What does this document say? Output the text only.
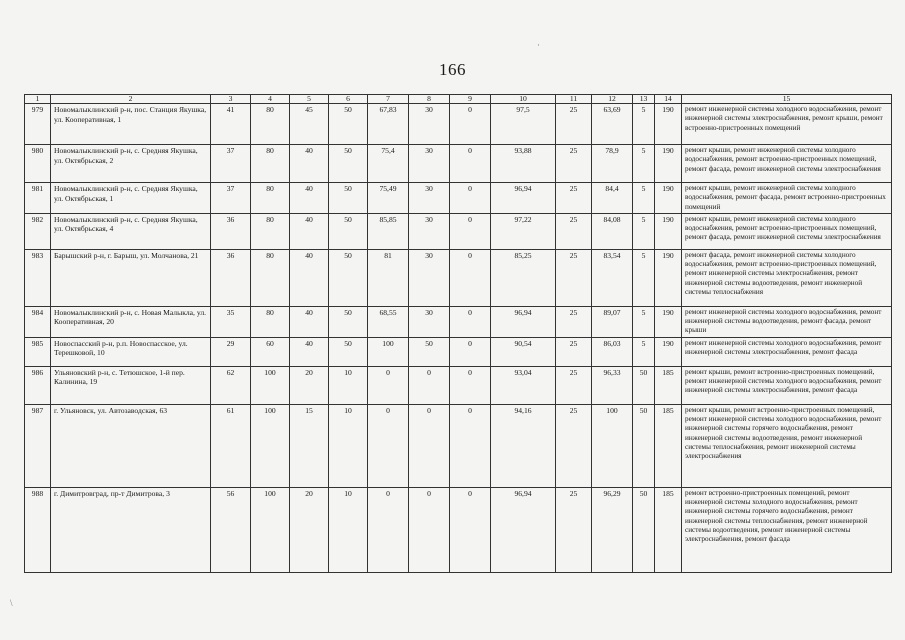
166
1	2	3	4	5	6	7	8	9	10	11	12	13	14	15
979	Новомалыклинский р-н, пос. Станция Якушка, ул. Кооперативная, 1	41	80	45	50	67,83	30	0	97,5	25	63,69	5	190	ремонт инженерной системы холодного водоснабжения, ремонт инженерной системы электроснабжения, ремонт крыши, ремонт встроенно-пристроенных помещений
980	Новомалыклинский р-н, с. Средняя Якушка, ул. Октябрьская, 2	37	80	40	50	75,4	30	0	93,88	25	78,9	5	190	ремонт крыши, ремонт инженерной системы холодного водоснабжения, ремонт встроенно-пристроенных помещений, ремонт фасада, ремонт инженерной системы электроснабжения
981	Новомалыклинский р-н, с. Средняя Якушка, ул. Октябрьская, 1	37	80	40	50	75,49	30	0	96,94	25	84,4	5	190	ремонт крыши, ремонт инженерной системы холодного водоснабжения, ремонт фасада, ремонт встроенно-пристроенных помещений
982	Новомалыклинский р-н, с. Средняя Якушка, ул. Октябрьская, 4	36	80	40	50	85,85	30	0	97,22	25	84,08	5	190	ремонт крыши, ремонт инженерной системы холодного водоснабжения, ремонт встроенно-пристроенных помещений, ремонт фасада, ремонт инженерной системы электроснабжения
983	Барышский р-н, г. Барыш, ул. Молчанова, 21	36	80	40	50	81	30	0	85,25	25	83,54	5	190	ремонт фасада, ремонт инженерной системы холодного водоснабжения, ремонт встроенно-пристроенных помещений, ремонт инженерной системы электроснабжения, ремонт инженерной системы водоотведения, ремонт инженерной системы теплоснабжения
984	Новомалыклинский р-н, с. Новая Малыкла, ул. Кооперативная, 20	35	80	40	50	68,55	30	0	96,94	25	89,07	5	190	ремонт инженерной системы холодного водоснабжения, ремонт инженерной системы водоотведения, ремонт фасада, ремонт крыши
985	Новоспасский р-н, р.п. Новоспасское, ул. Терешковой, 10	29	60	40	50	100	50	0	90,54	25	86,03	5	190	ремонт инженерной системы холодного водоснабжения, ремонт инженерной системы электроснабжения, ремонт фасада
986	Ульяновский р-н, с. Тетюшское, 1-й пер. Калинина, 19	62	100	20	10	0	0	0	93,04	25	96,33	50	185	ремонт крыши, ремонт встроенно-пристроенных помещений, ремонт инженерной системы холодного водоснабжения, ремонт инженерной системы электроснабжения, ремонт фасада
987	г. Ульяновск, ул. Автозаводская, 63	61	100	15	10	0	0	0	94,16	25	100	50	185	ремонт крыши, ремонт встроенно-пристроенных помещений, ремонт инженерной системы холодного водоснабжения, ремонт инженерной системы горячего водоснабжения, ремонт инженерной системы водоотведения, ремонт инженерной системы теплоснабжения, ремонт инженерной системы электроснабжения
988	г. Димитровград, пр-т Димитрова, 3	56	100	20	10	0	0	0	96,94	25	96,29	50	185	ремонт встроенно-пристроенных помещений, ремонт инженерной системы холодного водоснабжения, ремонт инженерной системы горячего водоснабжения, ремонт инженерной системы теплоснабжения, ремонт инженерной системы водоотведения, ремонт инженерной системы электроснабжения, ремонт фасада
·
\
